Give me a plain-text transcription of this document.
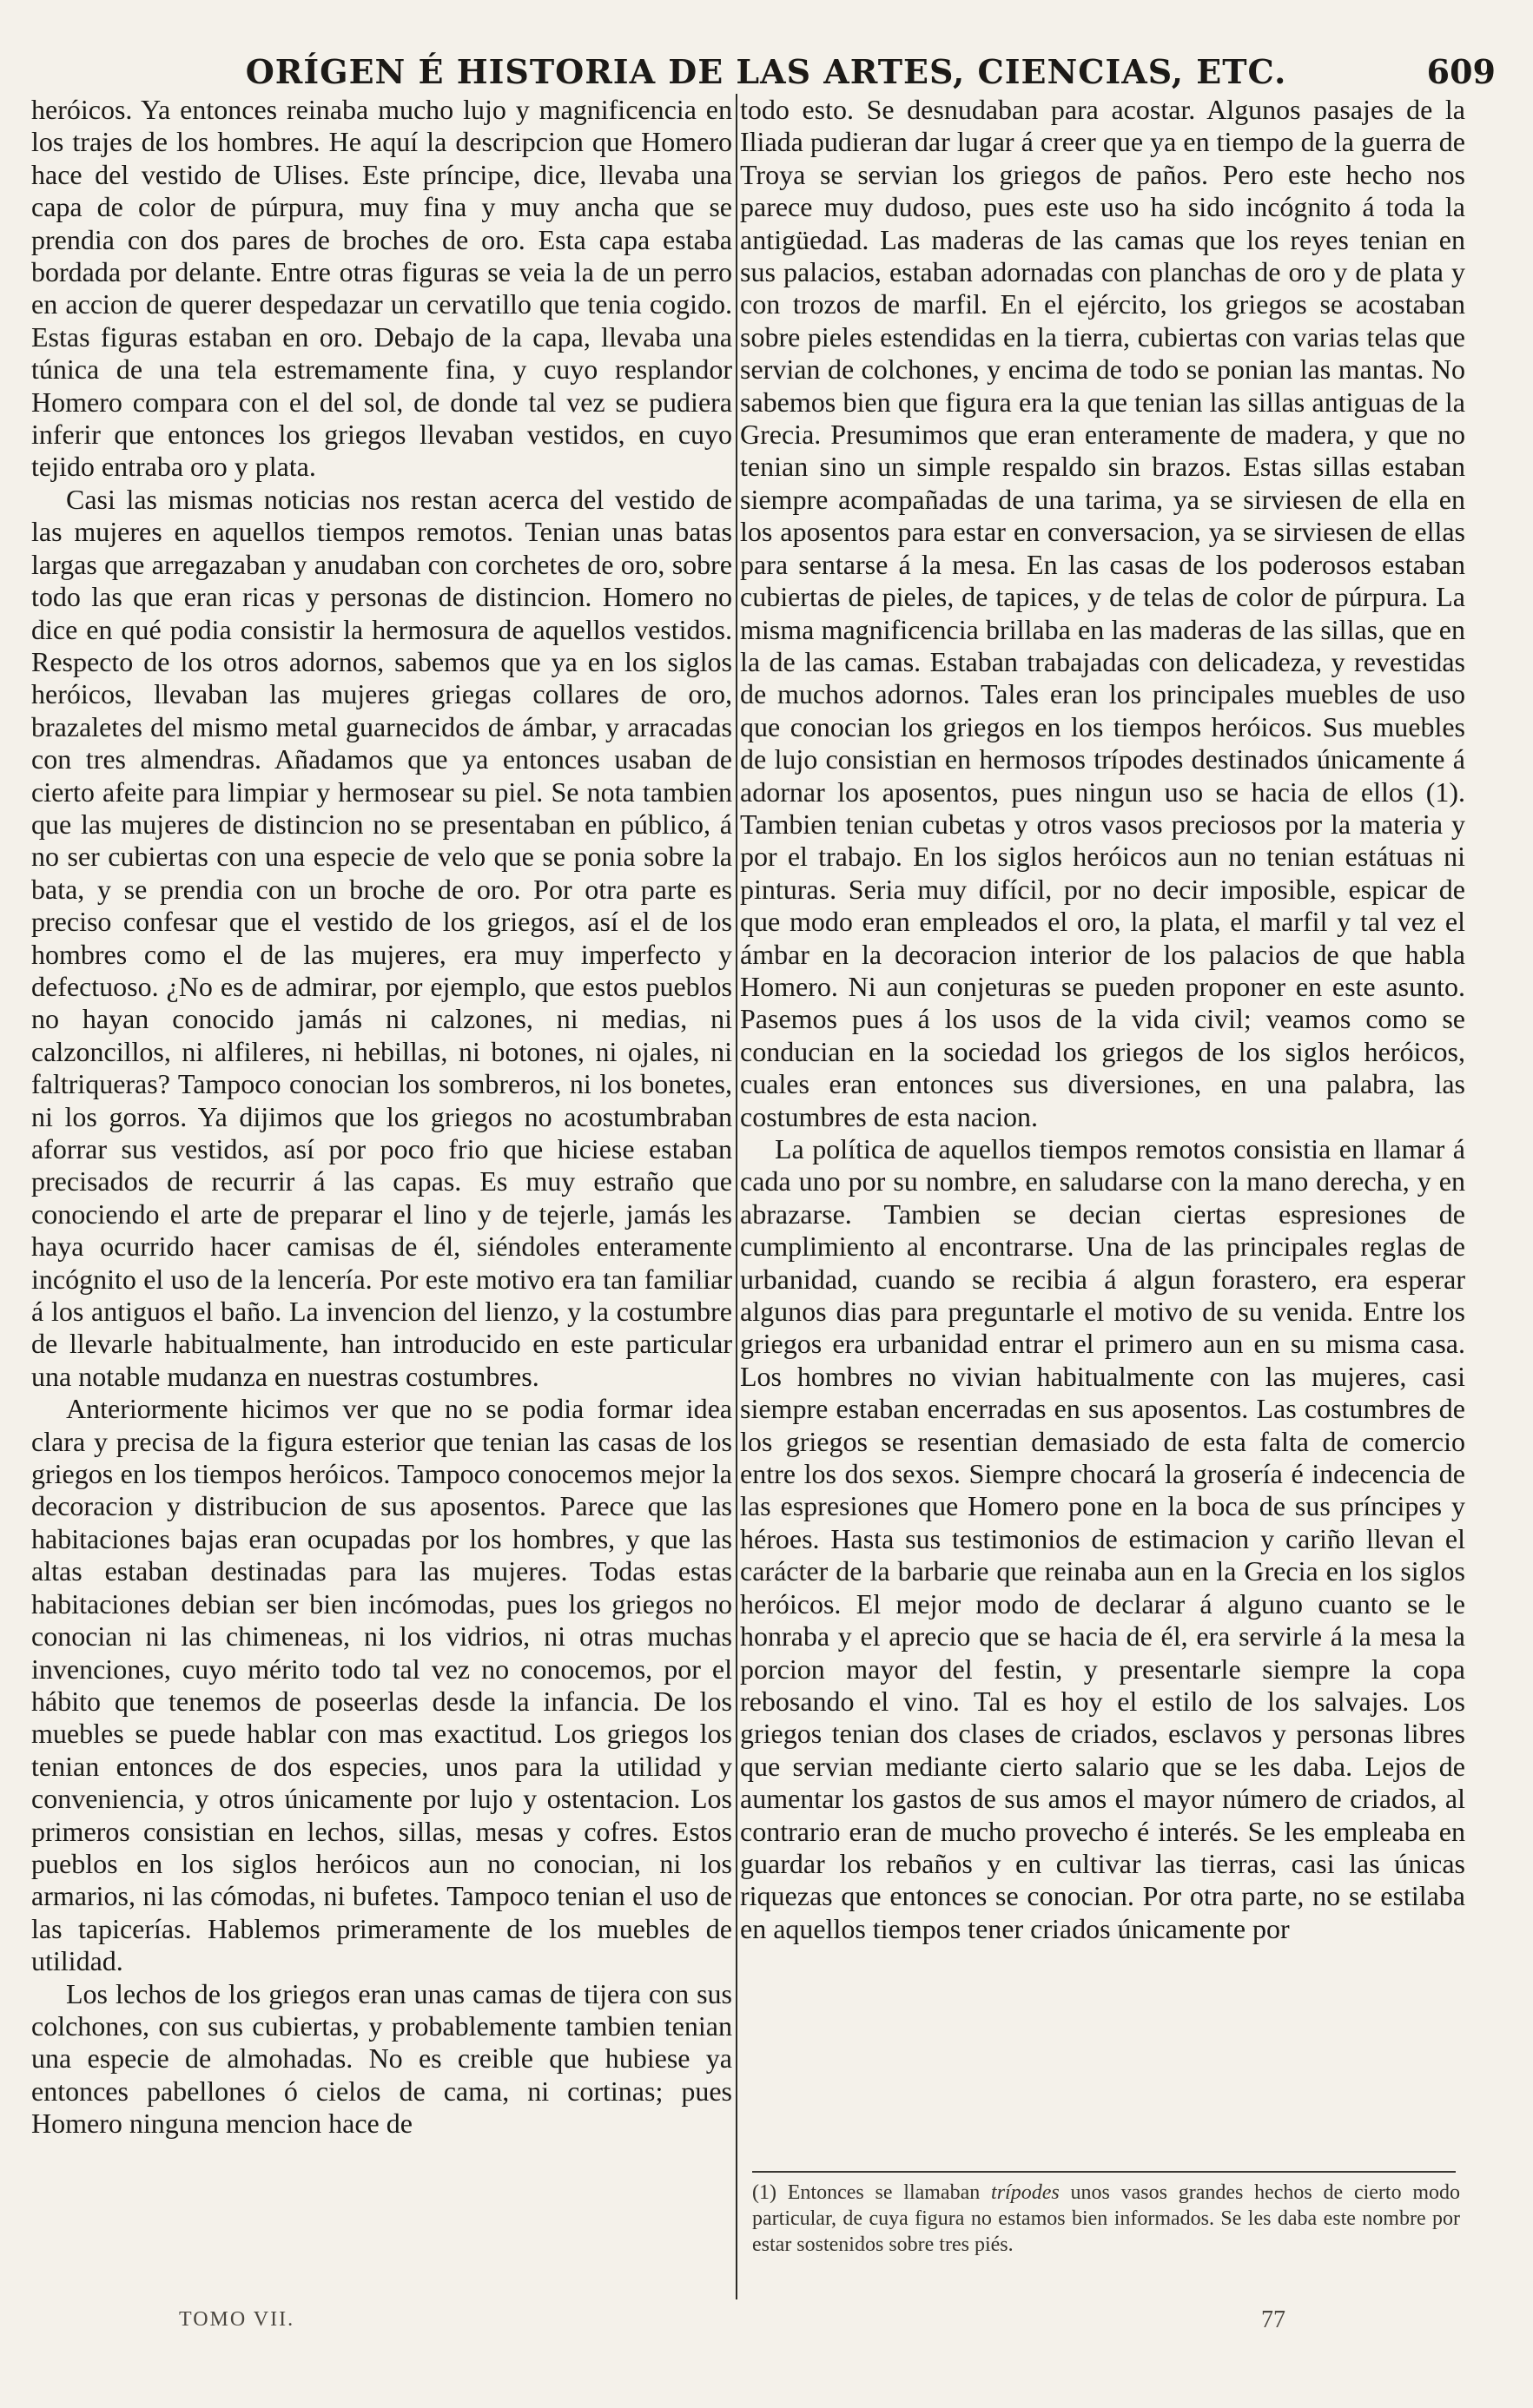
ORÍGEN É HISTORIA DE LAS ARTES, CIENCIAS, ETC.	609

heróicos. Ya entonces reinaba mucho lujo y magnificencia en los trajes de los hombres. He aquí la descripcion que Homero hace del vestido de Ulises. Este príncipe, dice, llevaba una capa de color de púrpura, muy fina y muy ancha que se prendia con dos pares de broches de oro. Esta capa estaba bordada por delante. Entre otras figuras se veia la de un perro en accion de querer despedazar un cervatillo que tenia cogido. Estas figuras estaban en oro. Debajo de la capa, llevaba una túnica de una tela estremamente fina, y cuyo resplandor Homero compara con el del sol, de donde tal vez se pudiera inferir que entonces los griegos llevaban vestidos, en cuyo tejido entraba oro y plata.

Casi las mismas noticias nos restan acerca del vestido de las mujeres en aquellos tiempos remotos. Tenian unas batas largas que arregazaban y anudaban con corchetes de oro, sobre todo las que eran ricas y personas de distincion. Homero no dice en qué podia consistir la hermosura de aquellos vestidos. Respecto de los otros adornos, sabemos que ya en los siglos heróicos, llevaban las mujeres griegas collares de oro, brazaletes del mismo metal guarnecidos de ámbar, y arracadas con tres almendras. Añadamos que ya entonces usaban de cierto afeite para limpiar y hermosear su piel. Se nota tambien que las mujeres de distincion no se presentaban en público, á no ser cubiertas con una especie de velo que se ponia sobre la bata, y se prendia con un broche de oro. Por otra parte es preciso confesar que el vestido de los griegos, así el de los hombres como el de las mujeres, era muy imperfecto y defectuoso. ¿No es de admirar, por ejemplo, que estos pueblos no hayan conocido jamás ni calzones, ni medias, ni calzoncillos, ni alfileres, ni hebillas, ni botones, ni ojales, ni faltriqueras? Tampoco conocian los sombreros, ni los bonetes, ni los gorros. Ya dijimos que los griegos no acostumbraban aforrar sus vestidos, así por poco frio que hiciese estaban precisados de recurrir á las capas. Es muy estraño que conociendo el arte de preparar el lino y de tejerle, jamás les haya ocurrido hacer camisas de él, siéndoles enteramente incógnito el uso de la lencería. Por este motivo era tan familiar á los antiguos el baño. La invencion del lienzo, y la costumbre de llevarle habitualmente, han introducido en este particular una notable mudanza en nuestras costumbres.

Anteriormente hicimos ver que no se podia formar idea clara y precisa de la figura esterior que tenian las casas de los griegos en los tiempos heróicos. Tampoco conocemos mejor la decoracion y distribucion de sus aposentos. Parece que las habitaciones bajas eran ocupadas por los hombres, y que las altas estaban destinadas para las mujeres. Todas estas habitaciones debian ser bien incómodas, pues los griegos no conocian ni las chimeneas, ni los vidrios, ni otras muchas invenciones, cuyo mérito todo tal vez no conocemos, por el hábito que tenemos de poseerlas desde la infancia. De los muebles se puede hablar con mas exactitud. Los griegos los tenian entonces de dos especies, unos para la utilidad y conveniencia, y otros únicamente por lujo y ostentacion. Los primeros consistian en lechos, sillas, mesas y cofres. Estos pueblos en los siglos heróicos aun no conocian, ni los armarios, ni las cómodas, ni bufetes. Tampoco tenian el uso de las tapicerías. Hablemos primeramente de los muebles de utilidad.

Los lechos de los griegos eran unas camas de tijera con sus colchones, con sus cubiertas, y probablemente tambien tenian una especie de almohadas. No es creible que hubiese ya entonces pabellones ó cielos de cama, ni cortinas; pues Homero ninguna mencion hace de

todo esto. Se desnudaban para acostar. Algunos pasajes de la Iliada pudieran dar lugar á creer que ya en tiempo de la guerra de Troya se servian los griegos de paños. Pero este hecho nos parece muy dudoso, pues este uso ha sido incógnito á toda la antigüedad. Las maderas de las camas que los reyes tenian en sus palacios, estaban adornadas con planchas de oro y de plata y con trozos de marfil. En el ejército, los griegos se acostaban sobre pieles estendidas en la tierra, cubiertas con varias telas que servian de colchones, y encima de todo se ponian las mantas. No sabemos bien que figura era la que tenian las sillas antiguas de la Grecia. Presumimos que eran enteramente de madera, y que no tenian sino un simple respaldo sin brazos. Estas sillas estaban siempre acompañadas de una tarima, ya se sirviesen de ella en los aposentos para estar en conversacion, ya se sirviesen de ellas para sentarse á la mesa. En las casas de los poderosos estaban cubiertas de pieles, de tapices, y de telas de color de púrpura. La misma magnificencia brillaba en las maderas de las sillas, que en la de las camas. Estaban trabajadas con delicadeza, y revestidas de muchos adornos. Tales eran los principales muebles de uso que conocian los griegos en los tiempos heróicos. Sus muebles de lujo consistian en hermosos trípodes destinados únicamente á adornar los aposentos, pues ningun uso se hacia de ellos (1). Tambien tenian cubetas y otros vasos preciosos por la materia y por el trabajo. En los siglos heróicos aun no tenian estátuas ni pinturas. Seria muy difícil, por no decir imposible, espicar de que modo eran empleados el oro, la plata, el marfil y tal vez el ámbar en la decoracion interior de los palacios de que habla Homero. Ni aun conjeturas se pueden proponer en este asunto. Pasemos pues á los usos de la vida civil; veamos como se conducian en la sociedad los griegos de los siglos heróicos, cuales eran entonces sus diversiones, en una palabra, las costumbres de esta nacion.

La política de aquellos tiempos remotos consistia en llamar á cada uno por su nombre, en saludarse con la mano derecha, y en abrazarse. Tambien se decian ciertas espresiones de cumplimiento al encontrarse. Una de las principales reglas de urbanidad, cuando se recibia á algun forastero, era esperar algunos dias para preguntarle el motivo de su venida. Entre los griegos era urbanidad entrar el primero aun en su misma casa. Los hombres no vivian habitualmente con las mujeres, casi siempre estaban encerradas en sus aposentos. Las costumbres de los griegos se resentian demasiado de esta falta de comercio entre los dos sexos. Siempre chocará la grosería é indecencia de las espresiones que Homero pone en la boca de sus príncipes y héroes. Hasta sus testimonios de estimacion y cariño llevan el carácter de la barbarie que reinaba aun en la Grecia en los siglos heróicos. El mejor modo de declarar á alguno cuanto se le honraba y el aprecio que se hacia de él, era servirle á la mesa la porcion mayor del festin, y presentarle siempre la copa rebosando el vino. Tal es hoy el estilo de los salvajes. Los griegos tenian dos clases de criados, esclavos y personas libres que servian mediante cierto salario que se les daba. Lejos de aumentar los gastos de sus amos el mayor número de criados, al contrario eran de mucho provecho é interés. Se les empleaba en guardar los rebaños y en cultivar las tierras, casi las únicas riquezas que entonces se conocian. Por otra parte, no se estilaba en aquellos tiempos tener criados únicamente por

(1) Entonces se llamaban trípodes unos vasos grandes hechos de cierto modo particular, de cuya figura no estamos bien informados. Se les daba este nombre por estar sostenidos sobre tres piés.
TOMO VII.	77
